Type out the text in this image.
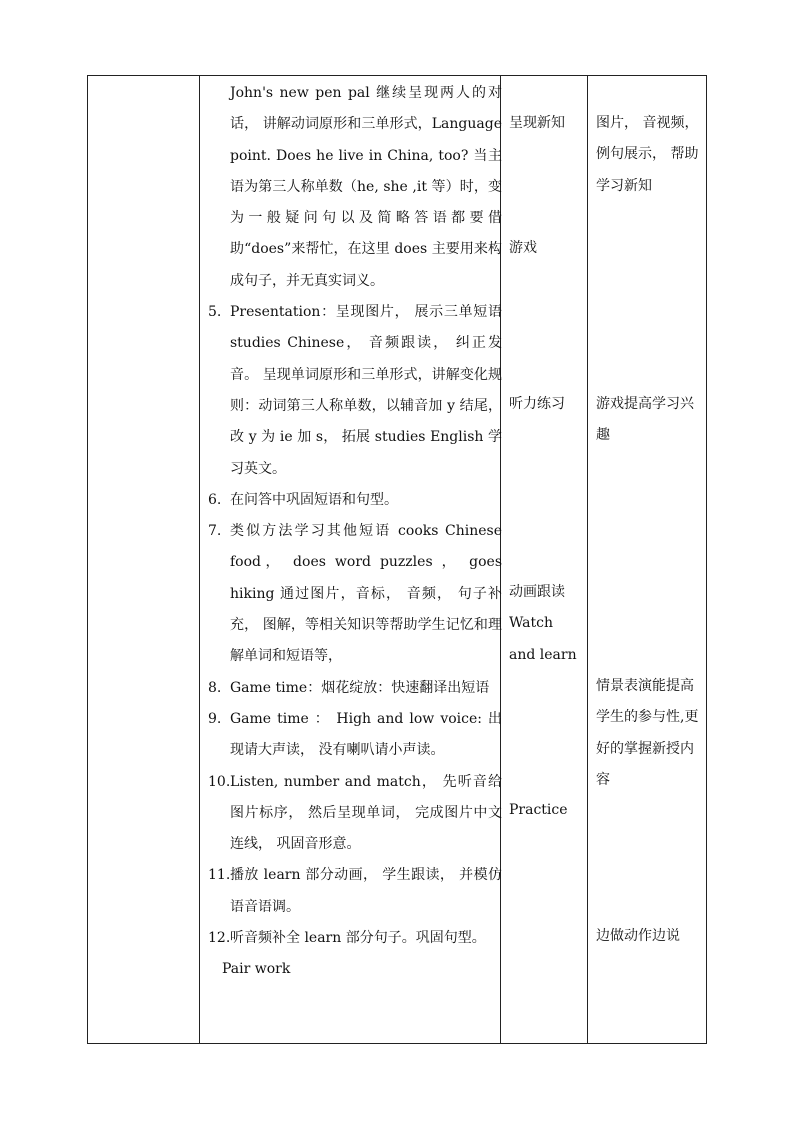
John's new pen pal 继续呈现两人的对话， 讲解动词原形和三单形式，Language point. Does he live in China, too? 当主语为第三人称单数（he, she ,it 等）时，变为一般疑问句以及简略答语都要借助“does”来帮忙，在这里 does 主要用来构成句子，并无真实词义。
5. Presentation：呈现图片， 展示三单短语 studies Chinese， 音频跟读， 纠正发音。 呈现单词原形和三单形式，讲解变化规则：动词第三人称单数，以辅音加 y 结尾，改 y 为 ie 加 s， 拓展 studies English 学习英文。
6. 在问答中巩固短语和句型。
7. 类似方法学习其他短语 cooks Chinese food， does word puzzles ， goes hiking 通过图片，音标， 音频， 句子补充， 图解，等相关知识等帮助学生记忆和理解单词和短语等，
8. Game time：烟花绽放：快速翻译出短语
9. Game time ： High and low voice: 出现请大声读， 没有喇叭请小声读。
10. Listen, number and match， 先听音给图片标序， 然后呈现单词， 完成图片中文连线， 巩固音形意。
11. 播放 learn 部分动画， 学生跟读， 并模仿语音语调。
12. 听音频补全 learn 部分句子。巩固句型。
Pair work
呈现新知
游戏
听力练习
动画跟读 Watch and learn
Practice
图片， 音视频，例句展示， 帮助学习新知
游戏提高学习兴趣
情景表演能提高学生的参与性,更好的掌握新授内容
边做动作边说
